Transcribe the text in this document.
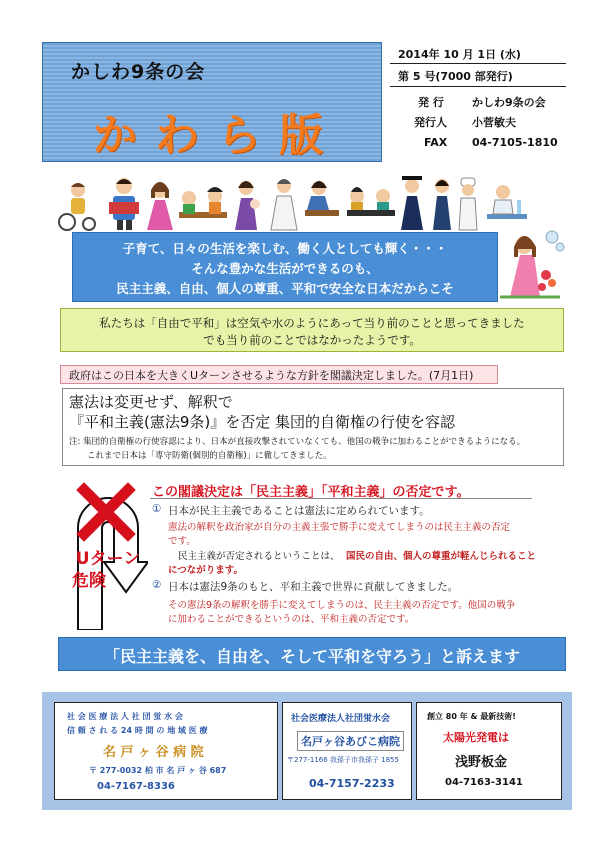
かしわ9条の会
かわら版
2014年 10 月 1日 (水)
第 5 号(7000 部発行)
発 行	かしわ9条の会
発行人 小菅敏夫
FAX 04-7105-1810
子育て、日々の生活を楽しむ、働く人としても輝く・・・
そんな豊かな生活ができるのも、
民主主義、自由、個人の尊重、平和で安全な日本だからこそ
私たちは「自由で平和」は空気や水のようにあって当り前のことと思ってきました
でも当り前のことではなかったようです。
政府はこの日本を大きくUターンさせるような方針を閣議決定しました。(7月1日)
憲法は変更せず、解釈で
『平和主義(憲法9条)』を否定 集団的自衛権の行使を容認
注: 集団的自衛権の行使容認により、日本が直接攻撃されていなくても、他国の戦争に加わることができるようになる。
これまで日本は「専守防衛(個別的自衛権)」に徹してきました。
Uターン
危険
この閣議決定は「民主主義」「平和主義」の否定です。
① 日本が民主主義であることは憲法に定められています。
憲法の解釈を政治家が自分の主義主張で勝手に変えてしまうのは民主主義の否定
です。
民主主義が否定されるということは、 国民の自由、個人の尊重が軽んじられること
につながります。
② 日本は憲法9条のもと、平和主義で世界に貢献してきました。
その憲法9条の解釈を勝手に変えてしまうのは、民主主義の否定です。他国の戦争
に加わることができるというのは、平和主義の否定です。
「民主主義を、自由を、そして平和を守ろう」と訴えます
社 会 医 療 法 人 社 団 蛍 水 会
信 頼 さ れ る 24 時 間 の 地 域 医 療
名 戸 ヶ 谷 病 院
〒 277-0032 柏 市 名 戸 ヶ 谷 687
04-7167-8336
社会医療法人社団蛍水会
名戸ヶ谷あびこ病院
〒277-1166 我孫子市我孫子 1855
04-7157-2233
創立 80 年 & 最新技術!
太陽光発電は
浅野板金
04-7163-3141
